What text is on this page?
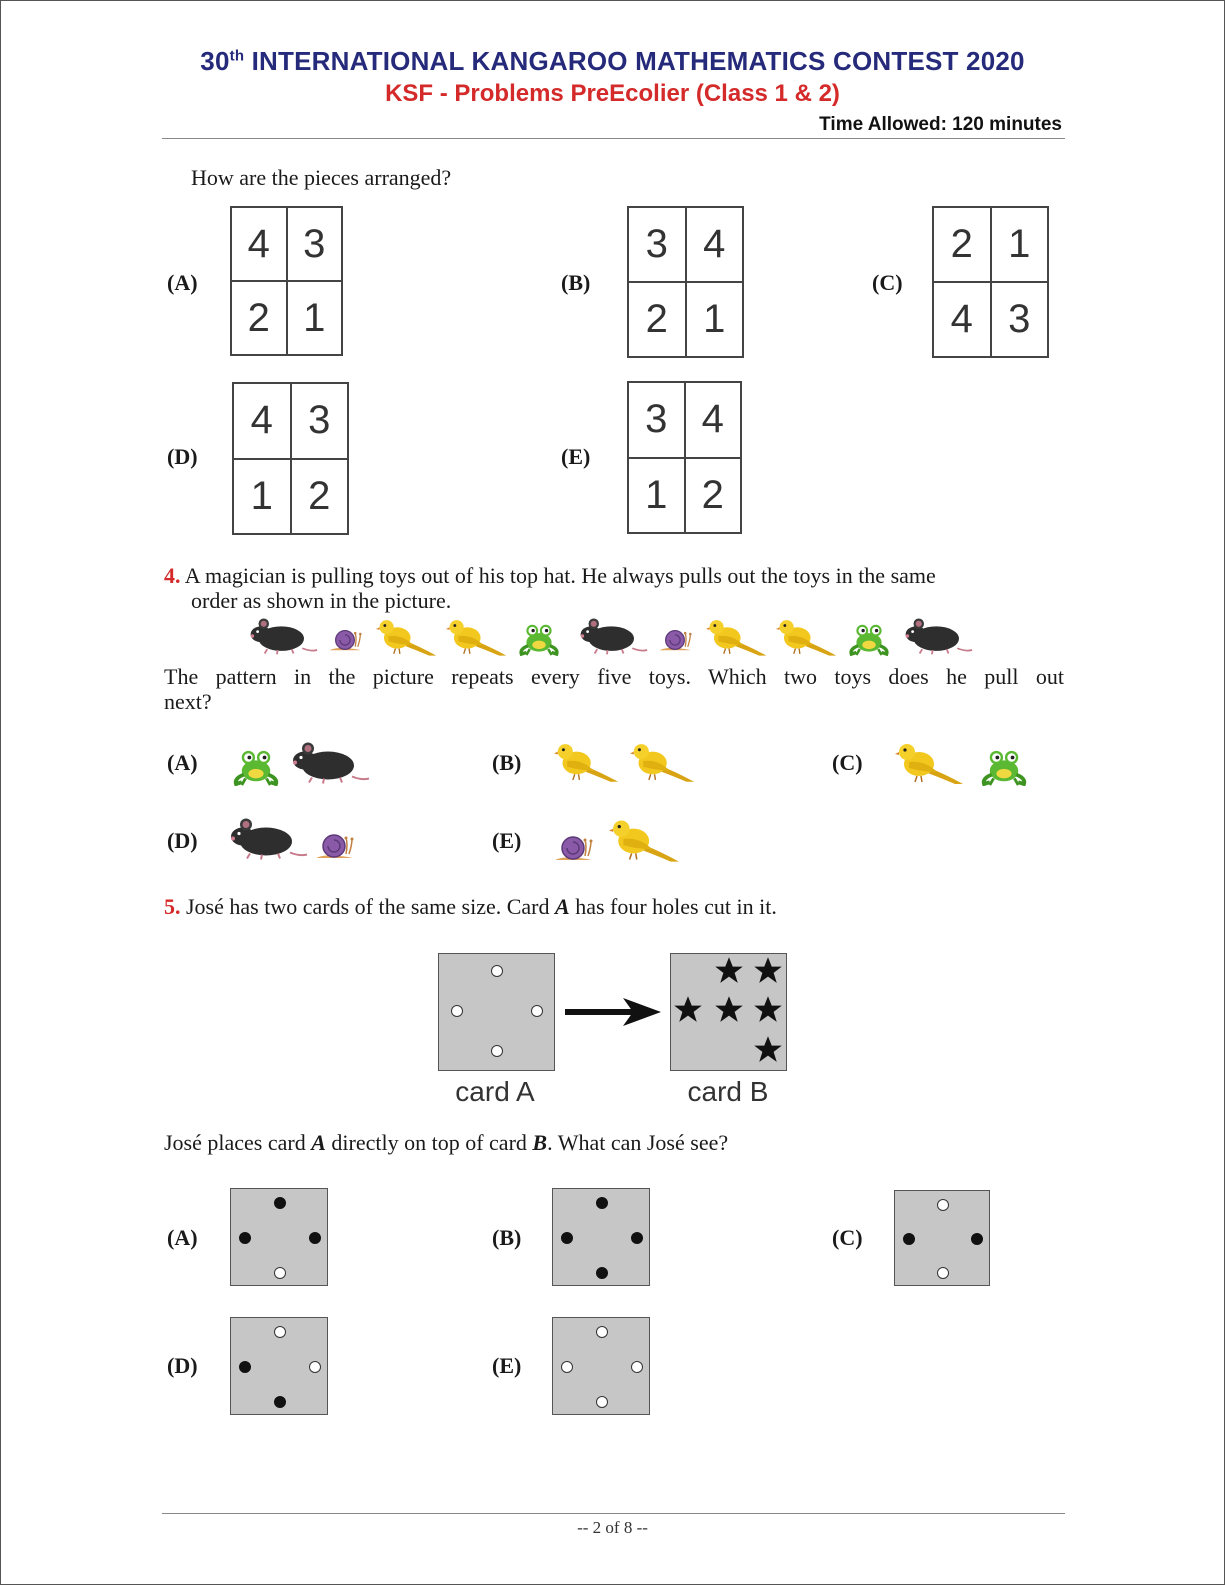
30th INTERNATIONAL KANGAROO MATHEMATICS CONTEST 2020
KSF - Problems PreEcolier (Class 1 & 2)
Time Allowed: 120 minutes
How are the pieces arranged?
(A)
4 3
2 1
(B)
3 4
2 1
(C)
2 1
4 3
(D)
4 3
1 2
(E)
3 4
1 2
4. A magician is pulling toys out of his top hat. He always pulls out the toys in the same
order as shown in the picture.
The pattern in the picture repeats every five toys. Which two toys does he pull out
next?
(A)	(B)	(C)
(D)	(E)
5. José has two cards of the same size. Card A has four holes cut in it.
card A	card B
José places card A directly on top of card B. What can José see?
(A)	(B)	(C)
(D)	(E)
-- 2 of 8 --
